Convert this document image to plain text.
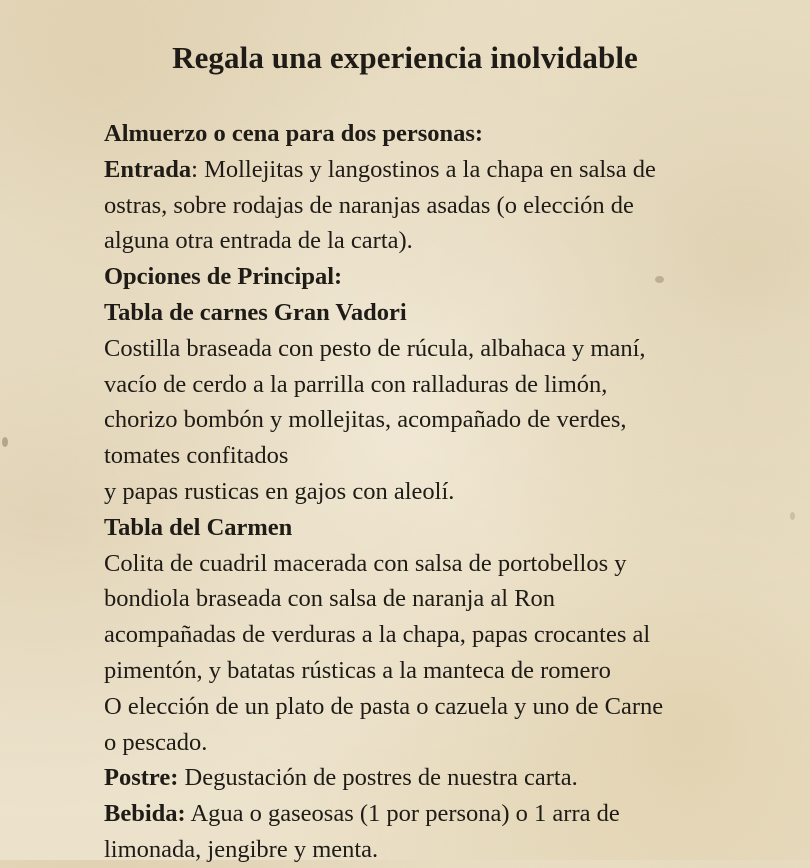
Regala una experiencia inolvidable
Almuerzo o cena para dos personas:
Entrada: Mollejitas y langostinos a la chapa en salsa de
ostras, sobre rodajas de naranjas asadas (o elección de
alguna otra entrada de la carta).
Opciones de Principal:
Tabla de carnes Gran Vadori
Costilla braseada con pesto de rúcula, albahaca y maní,
vacío de cerdo a la parrilla con ralladuras de limón,
chorizo bombón y mollejitas, acompañado de verdes,
tomates confitados
y papas rusticas en gajos con aleolí.
Tabla del Carmen
Colita de cuadril macerada con salsa de portobellos y
bondiola braseada con salsa de naranja al Ron
acompañadas de verduras a la chapa, papas crocantes al
pimentón, y batatas rústicas a la manteca de romero
O elección de un plato de pasta o cazuela y uno de Carne
o pescado.
Postre: Degustación de postres de nuestra carta.
Bebida: Agua o gaseosas (1 por persona) o 1 arra de
limonada, jengibre y menta.
